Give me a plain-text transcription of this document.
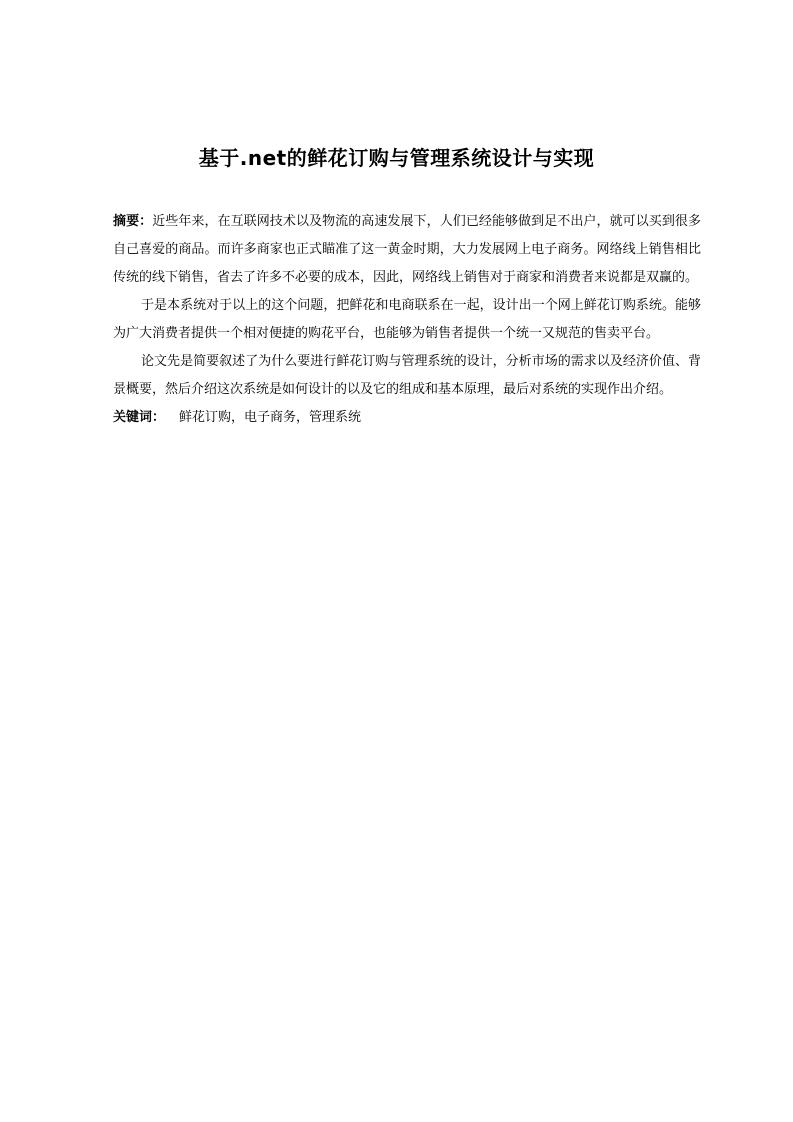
基于.net的鲜花订购与管理系统设计与实现

摘要：近些年来，在互联网技术以及物流的高速发展下，人们已经能够做到足不出户，就可以买到很多自己喜爱的商品。而许多商家也正式瞄准了这一黄金时期，大力发展网上电子商务。网络线上销售相比传统的线下销售，省去了许多不必要的成本，因此，网络线上销售对于商家和消费者来说都是双赢的。

于是本系统对于以上的这个问题，把鲜花和电商联系在一起，设计出一个网上鲜花订购系统。能够为广大消费者提供一个相对便捷的购花平台，也能够为销售者提供一个统一又规范的售卖平台。

论文先是简要叙述了为什么要进行鲜花订购与管理系统的设计，分析市场的需求以及经济价值、背景概要，然后介绍这次系统是如何设计的以及它的组成和基本原理，最后对系统的实现作出介绍。

关键词： 鲜花订购，电子商务，管理系统
